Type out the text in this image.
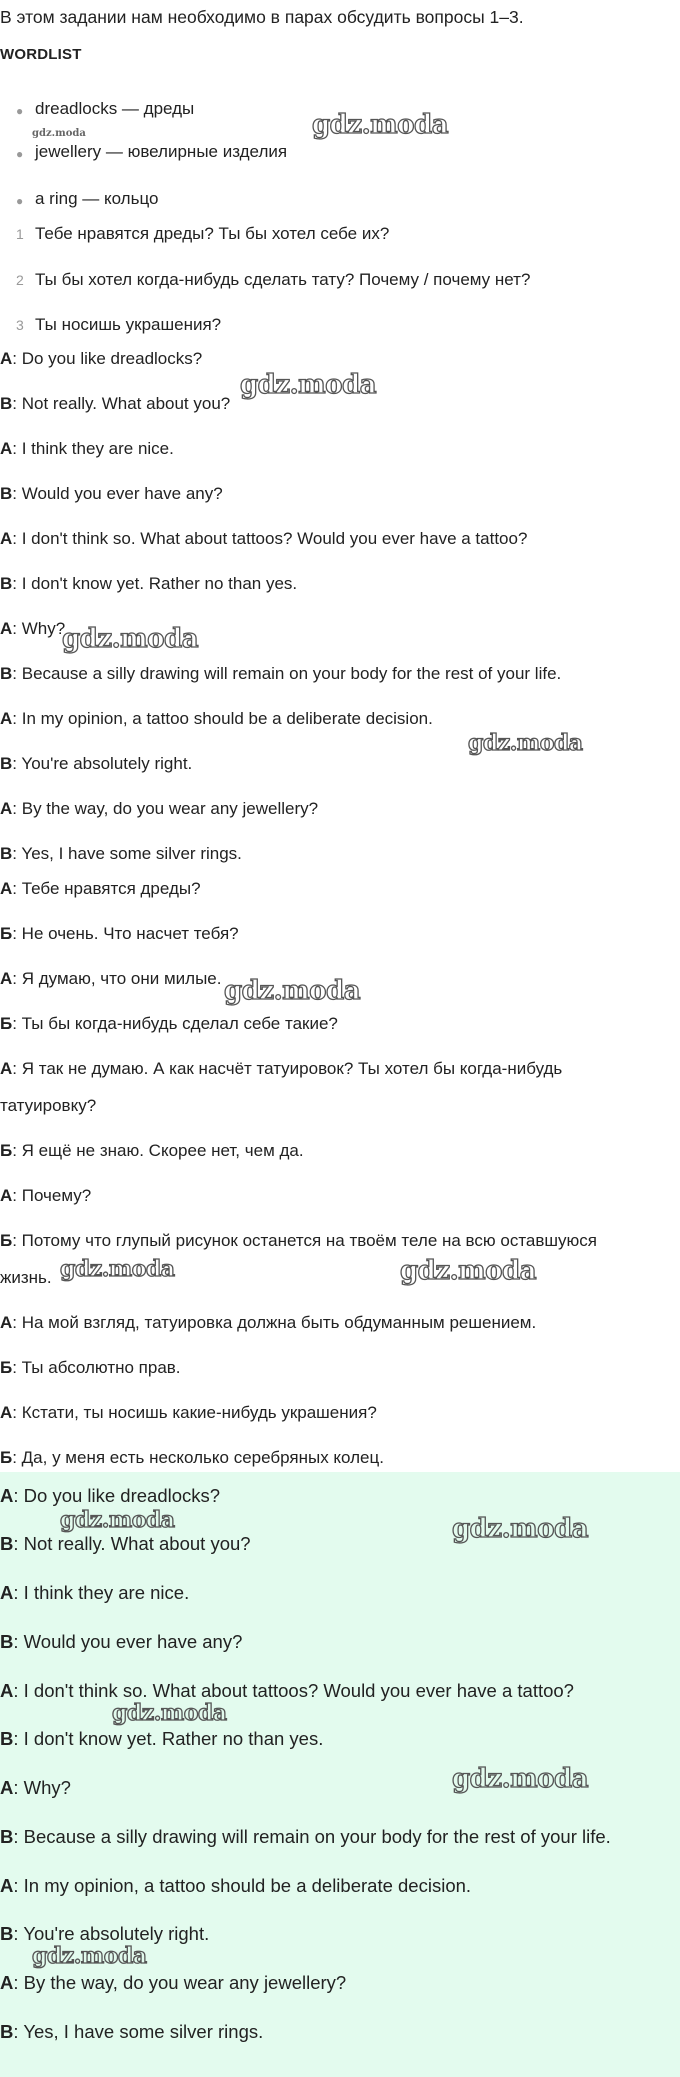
В этом задании нам необходимо в парах обсудить вопросы 1–3.
WORDLIST
● dreadlocks — дреды
● jewellery — ювелирные изделия
● a ring — кольцо
1 Тебе нравятся дреды? Ты бы хотел себе их?
2 Ты бы хотел когда-нибудь сделать тату? Почему / почему нет?
3 Ты носишь украшения?
A: Do you like dreadlocks?
B: Not really. What about you?
A: I think they are nice.
B: Would you ever have any?
A: I don't think so. What about tattoos? Would you ever have a tattoo?
B: I don't know yet. Rather no than yes.
A: Why?
B: Because a silly drawing will remain on your body for the rest of your life.
A: In my opinion, a tattoo should be a deliberate decision.
B: You're absolutely right.
A: By the way, do you wear any jewellery?
B: Yes, I have some silver rings.
А: Тебе нравятся дреды?
Б: Не очень. Что насчет тебя?
А: Я думаю, что они милые.
Б: Ты бы когда-нибудь сделал себе такие?
А: Я так не думаю. А как насчёт татуировок? Ты хотел бы когда-нибудь
татуировку?
Б: Я ещё не знаю. Скорее нет, чем да.
А: Почему?
Б: Потому что глупый рисунок останется на твоём теле на всю оставшуюся
жизнь.
А: На мой взгляд, татуировка должна быть обдуманным решением.
Б: Ты абсолютно прав.
А: Кстати, ты носишь какие-нибудь украшения?
Б: Да, у меня есть несколько серебряных колец.
A: Do you like dreadlocks?
B: Not really. What about you?
A: I think they are nice.
B: Would you ever have any?
A: I don't think so. What about tattoos? Would you ever have a tattoo?
B: I don't know yet. Rather no than yes.
A: Why?
B: Because a silly drawing will remain on your body for the rest of your life.
A: In my opinion, a tattoo should be a deliberate decision.
B: You're absolutely right.
A: By the way, do you wear any jewellery?
B: Yes, I have some silver rings.
gdz.moda	gdz.moda
gdz.moda
gdz.moda
gdz.moda
gdz.moda
gdz.moda	gdz.moda
gdz.moda	gdz.moda
gdz.moda
gdz.moda
gdz.moda
